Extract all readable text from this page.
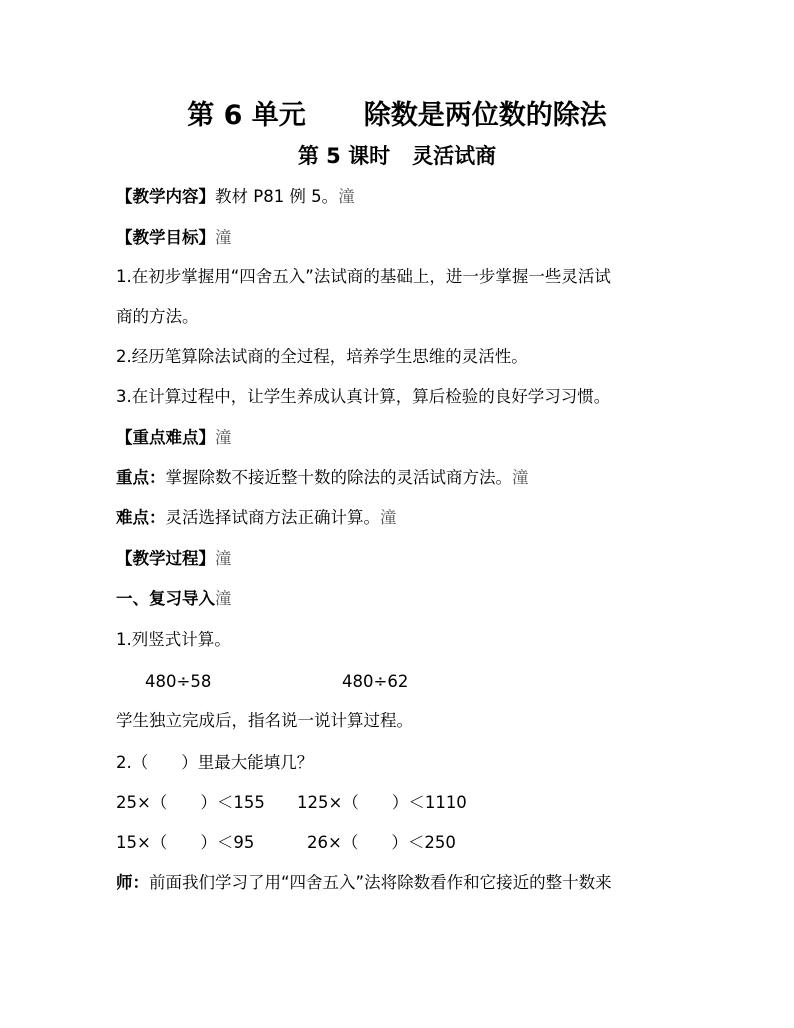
第 6 单元 除数是两位数的除法
第 5 课时 灵活试商
【教学内容】教材 P81 例 5。潼
【教学目标】潼
1.在初步掌握用“四舍五入”法试商的基础上，进一步掌握一些灵活试
商的方法。
2.经历笔算除法试商的全过程，培养学生思维的灵活性。
3.在计算过程中，让学生养成认真计算，算后检验的良好学习习惯。
【重点难点】潼
重点：掌握除数不接近整十数的除法的灵活试商方法。潼
难点：灵活选择试商方法正确计算。潼
【教学过程】潼
一、复习导入潼
1.列竖式计算。
480÷58	480÷62
学生独立完成后，指名说一说计算过程。
2.（　　）里最大能填几？
25×（　　）＜155 125×（　　）＜1110
15×（　　）＜95	26×（　　）＜250
师：前面我们学习了用“四舍五入”法将除数看作和它接近的整十数来
